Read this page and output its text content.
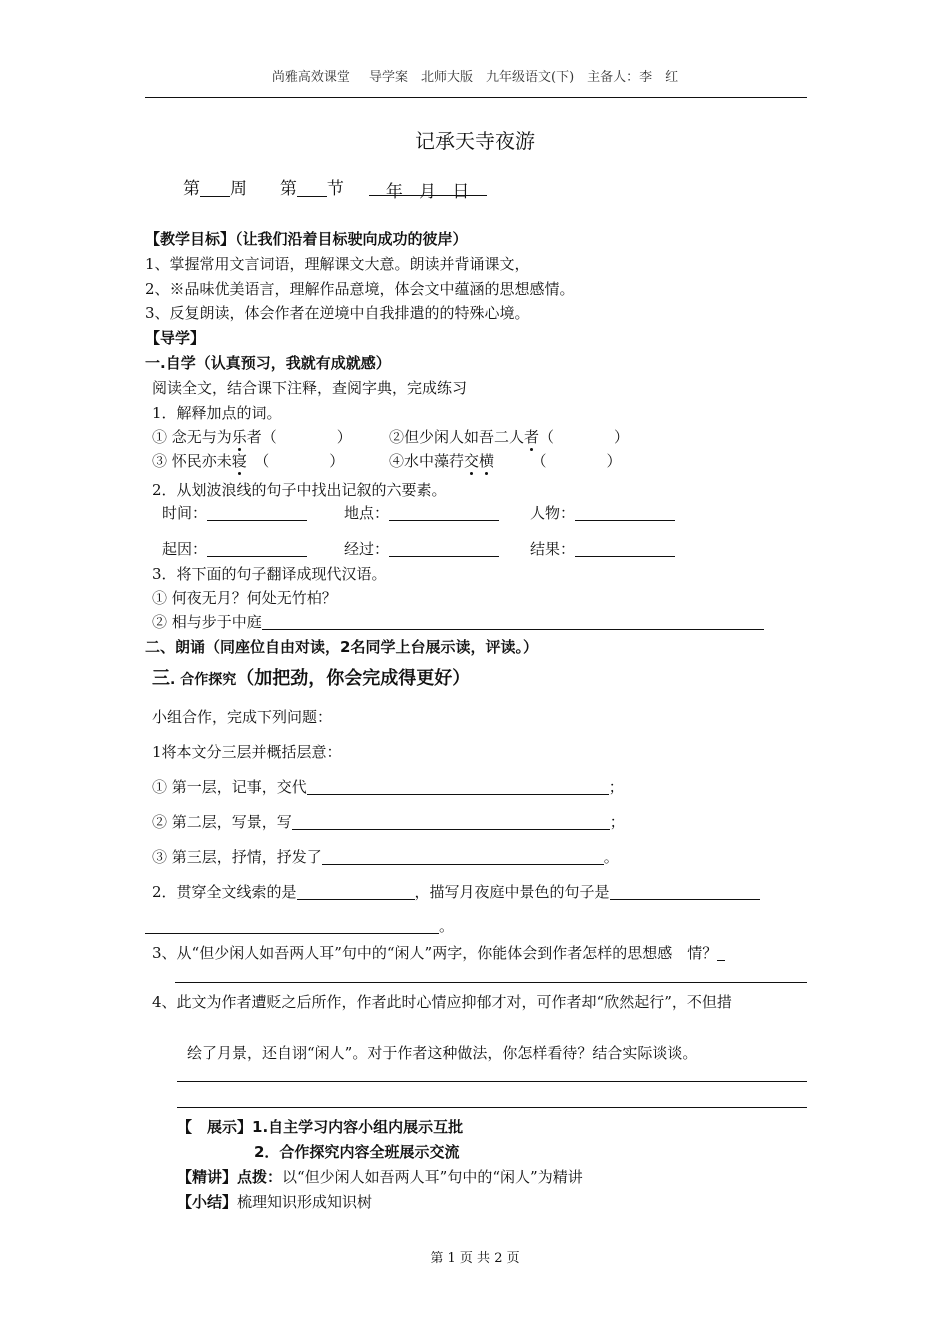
尚雅高效课堂　 导学案　北师大版　九年级语文(下)　主备人：李　红
记承天寺夜游
第 周 第 节 年 月 日
【教学目标】（让我们沿着目标驶向成功的彼岸）
1、掌握常用文言词语，理解课文大意。朗读并背诵课文，
2、※品味优美语言，理解作品意境，体会文中蕴涵的思想感情。
3、反复朗读，体会作者在逆境中自我排遣的的特殊心境。
【导学】
一.自学（认真预习，我就有成就感）
阅读全文，结合课下注释，查阅字典，完成练习
1．解释加点的词。
① 念无与为乐者（　　　　） ②但少闲人如吾二人者（　　　　）
③ 怀民亦未寝　（　　　　）	④水中藻荇交横　　　（　　　　）
2．从划波浪线的句子中找出记叙的六要素。
时间：	地点：	人物：
起因：	经过：	结果：
3．将下面的句子翻译成现代汉语。
① 何夜无月？何处无竹柏？
② 相与步于中庭
二、朗诵（同座位自由对读，2名同学上台展示读，评读。）
三. 合作探究（加把劲，你会完成得更好）
小组合作，完成下列问题：
1将本文分三层并概括层意：
① 第一层，记事，交代	；
② 第二层，写景，写	；
③ 第三层，抒情，抒发了	。
2．贯穿全文线索的是	，描写月夜庭中景色的句子是
。
3、从“但少闲人如吾两人耳”句中的“闲人”两字，你能体会到作者怎样的思想感　情？
4、此文为作者遭贬之后所作，作者此时心情应抑郁才对，可作者却“欣然起行”，不但措
绘了月景，还自诩“闲人”。对于作者这种做法，你怎样看待？结合实际谈谈。
【　展示】1.自主学习内容小组内展示互批
2．合作探究内容全班展示交流
【精讲】点拨：以“但少闲人如吾两人耳”句中的“闲人”为精讲
【小结】梳理知识形成知识树
第 1 页 共 2 页
